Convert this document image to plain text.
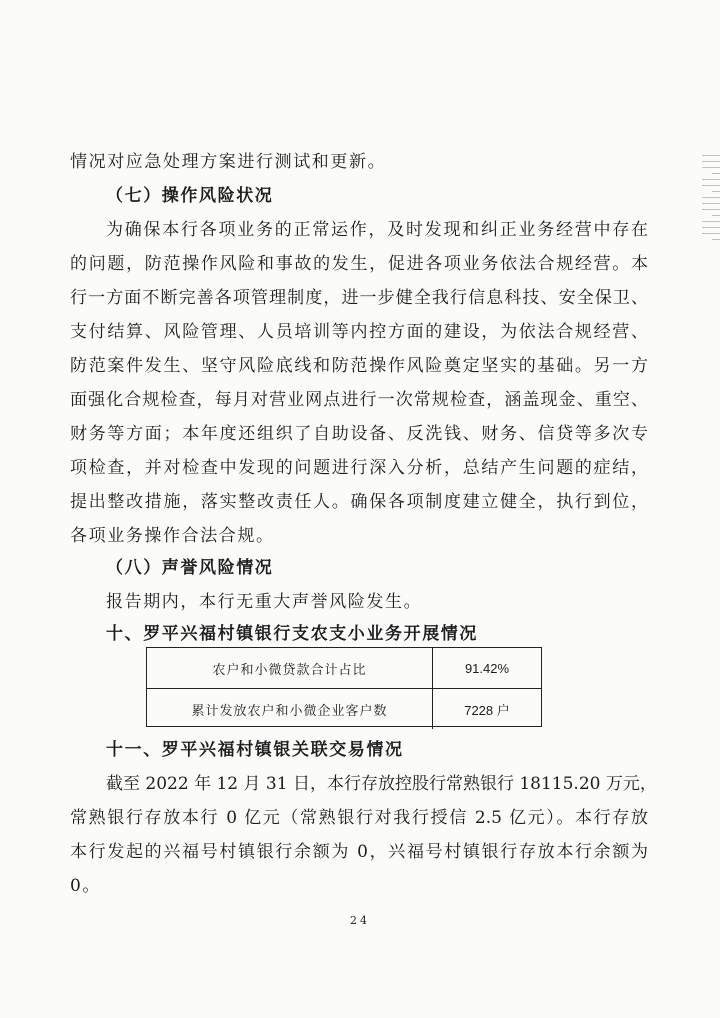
情况对应急处理方案进行测试和更新。
（七）操作风险状况
为确保本行各项业务的正常运作，及时发现和纠正业务经营中存在
的问题，防范操作风险和事故的发生，促进各项业务依法合规经营。本
行一方面不断完善各项管理制度，进一步健全我行信息科技、安全保卫、
支付结算、风险管理、人员培训等内控方面的建设，为依法合规经营、
防范案件发生、坚守风险底线和防范操作风险奠定坚实的基础。另一方
面强化合规检查，每月对营业网点进行一次常规检查，涵盖现金、重空、
财务等方面；本年度还组织了自助设备、反洗钱、财务、信贷等多次专
项检查，并对检查中发现的问题进行深入分析，总结产生问题的症结，
提出整改措施，落实整改责任人。确保各项制度建立健全，执行到位，
各项业务操作合法合规。
（八）声誉风险情况
报告期内，本行无重大声誉风险发生。
十、罗平兴福村镇银行支农支小业务开展情况
农户和小微贷款合计占比	91.42%
累计发放农户和小微企业客户数	7228 户
十一、罗平兴福村镇银关联交易情况
截至 2022 年 12 月 31 日，本行存放控股行常熟银行 18115.20 万元，
常熟银行存放本行 0 亿元（常熟银行对我行授信 2.5 亿元）。本行存放
本行发起的兴福号村镇银行余额为 0，兴福号村镇银行存放本行余额为
0。
24
